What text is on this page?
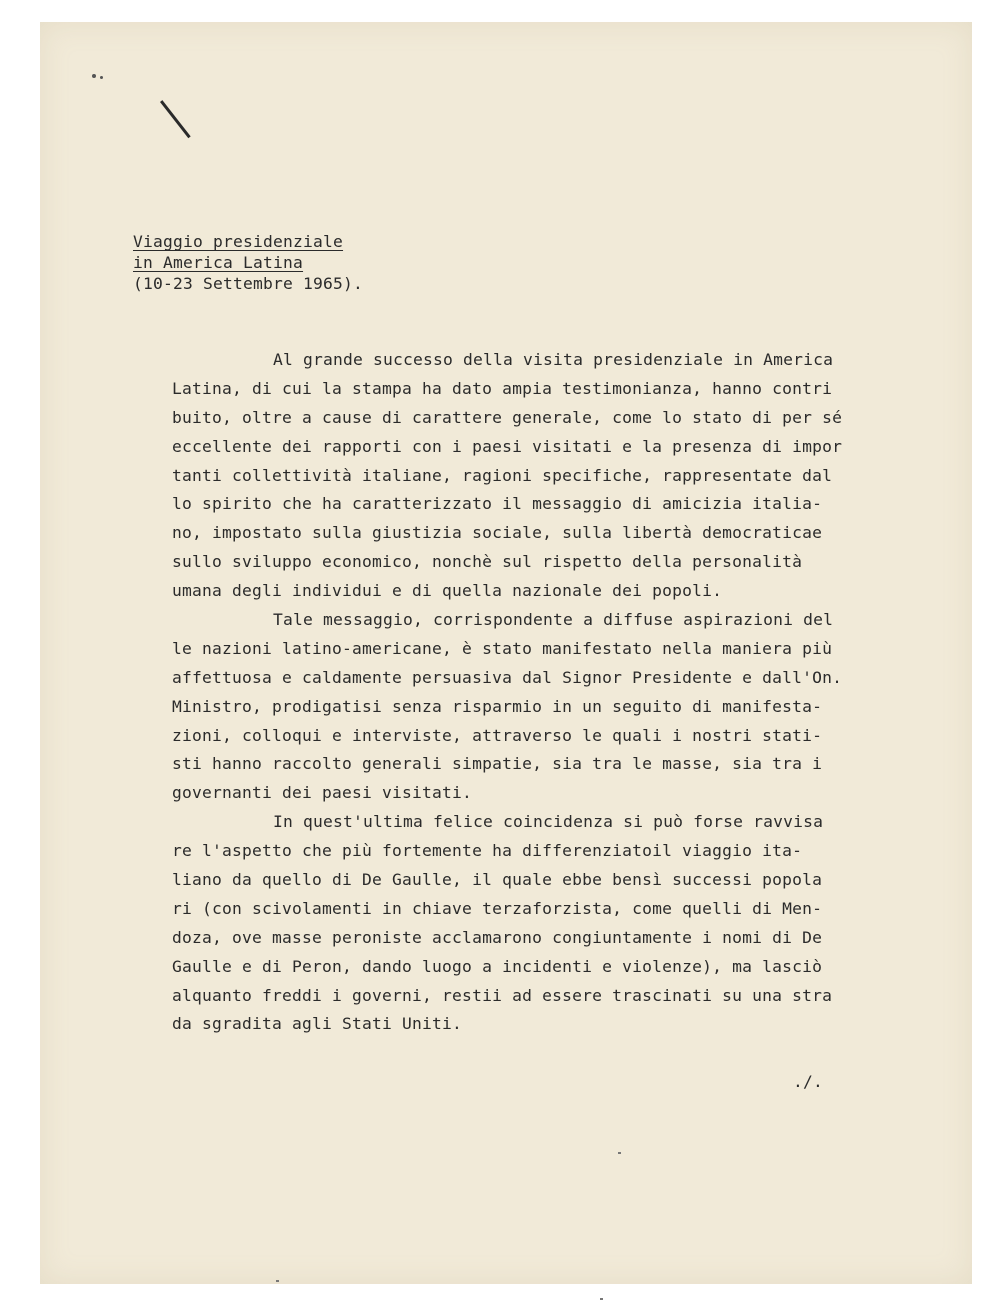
Viaggio presidenziale
in America Latina
(10-23 Settembre 1965).
Al grande successo della visita presidenziale in America
Latina, di cui la stampa ha dato ampia testimonianza, hanno contri
buito, oltre a cause di carattere generale, come lo stato di per sé
eccellente dei rapporti con i paesi visitati e la presenza di impor
tanti collettività italiane, ragioni specifiche, rappresentate dal
lo spirito che ha caratterizzato il messaggio di amicizia italia-
no, impostato sulla giustizia sociale, sulla libertà democraticae
sullo sviluppo economico, nonchè sul rispetto della personalità
umana degli individui e di quella nazionale dei popoli.
Tale messaggio, corrispondente a diffuse aspirazioni del
le nazioni latino-americane, è stato manifestato nella maniera più
affettuosa e caldamente persuasiva dal Signor Presidente e dall'On.
Ministro, prodigatisi senza risparmio in un seguito di manifesta-
zioni, colloqui e interviste, attraverso le quali i nostri stati-
sti hanno raccolto generali simpatie, sia tra le masse, sia tra i
governanti dei paesi visitati.
In quest'ultima felice coincidenza si può forse ravvisa
re l'aspetto che più fortemente ha differenziatoil viaggio ita-
liano da quello di De Gaulle, il quale ebbe bensì successi popola
ri (con scivolamenti in chiave terzaforzista, come quelli di Men-
doza, ove masse peroniste acclamarono congiuntamente i nomi di De
Gaulle e di Peron, dando luogo a incidenti e violenze), ma lasciò
alquanto freddi i governi, restii ad essere trascinati su una stra
da sgradita agli Stati Uniti.
./.
